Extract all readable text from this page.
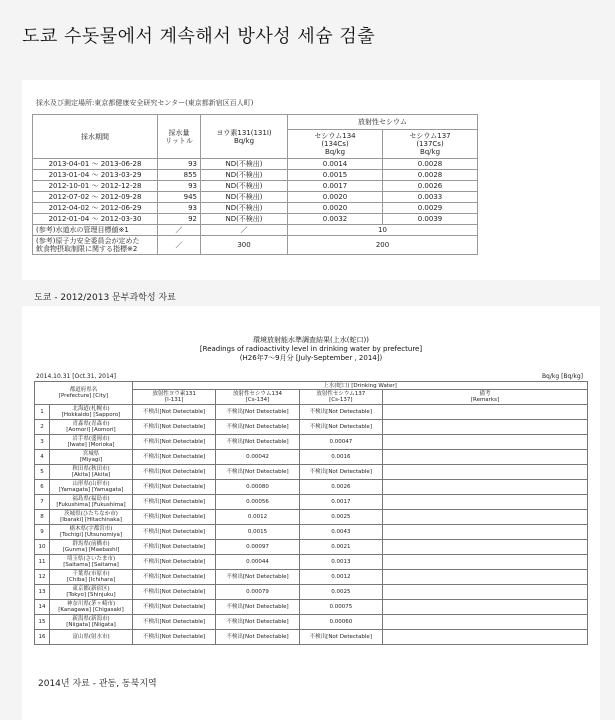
도쿄 수돗물에서 계속해서 방사성 세슘 검출
採水及び測定場所:東京都健康安全研究センター(東京都新宿区百人町)
採水期間	採水量
リットル	ヨウ素131(131I)
Bq/kg	放射性セシウム	
			セシウム134
(134Cs)
Bq/kg	セシウム137
(137Cs)
Bq/kg
2013-04-01 ～ 2013-06-28	93	ND(不検出)	0.0014	0.0028
2013-01-04 ～ 2013-03-29	855	ND(不検出)	0.0015	0.0028
2012-10-01 ～ 2012-12-28	93	ND(不検出)	0.0017	0.0026
2012-07-02 ～ 2012-09-28	945	ND(不検出)	0.0020	0.0033
2012-04-02 ～ 2012-06-29	93	ND(不検出)	0.0020	0.0029
2012-01-04 ～ 2012-03-30	92	ND(不検出)	0.0032	0.0039
(参考)水道水の管理目標値※1	／	／	10	
(参考)原子力安全委員会が定めた
飲食物摂取制限に関する指標※2	／	300	200	
도쿄 - 2012/2013 문부과학성 자료
環境放射能水準調査結果(上水(蛇口))
[Readings of radioactivity level in drinking water by prefecture]
(H26年7～9月分 [July-September , 2014])
2014.10.31 [Oct.31, 2014]	Bq/kg [Bq/kg]
都道府県名
[Prefecture] [City]		上水(蛇口) [Drinking Water]			
		放射性ヨウ素131
[I-131]	放射性セシウム134
[Cs-134]	放射性セシウム137
[Cs-137]	備考
[Remarks]
1	北海道(札幌市)
[Hokkaido] [Sapporo]	不検出[Not Detectable]	不検出[Not Detectable]	不検出[Not Detectable]	
2	青森県(青森市)
[Aomori] [Aomori]	不検出[Not Detectable]	不検出[Not Detectable]	不検出[Not Detectable]	
3	岩手県(盛岡市)
[Iwate] [Morioka]	不検出[Not Detectable]	不検出[Not Detectable]	0.00047	
4	宮城県
[Miyagi]	不検出[Not Detectable]	0.00042	0.0016	
5	秋田県(秋田市)
[Akita] [Akita]	不検出[Not Detectable]	不検出[Not Detectable]	不検出[Not Detectable]	
6	山形県(山形市)
[Yamagata] [Yamagata]	不検出[Not Detectable]	0.00080	0.0026	
7	福島県(福島市)
[Fukushima] [Fukushima]	不検出[Not Detectable]	0.00056	0.0017	
8	茨城県(ひたちなか市)
[Ibaraki] [Hitachinaka]	不検出[Not Detectable]	0.0012	0.0025	
9	栃木県(宇都宮市)
[Tochigi] [Utsunomiya]	不検出[Not Detectable]	0.0015	0.0043	
10	群馬県(前橋市)
[Gunma] [Maebashi]	不検出[Not Detectable]	0.00097	0.0021	
11	埼玉県(さいたま市)
[Saitama] [Saitama]	不検出[Not Detectable]	0.00044	0.0013	
12	千葉県(市原市)
[Chiba] [Ichihara]	不検出[Not Detectable]	不検出[Not Detectable]	0.0012	
13	東京都(新宿区)
[Tokyo] [Shinjuku]	不検出[Not Detectable]	0.00079	0.0025	
14	神奈川県(茅ヶ崎市)
[Kanagawa] [Chigasaki]	不検出[Not Detectable]	不検出[Not Detectable]	0.00075	
15	新潟県(新潟市)
[Niigata] [Niigata]	不検出[Not Detectable]	不検出[Not Detectable]	0.00060	
16	富山県(射水市)	不検出[Not Detectable]	不検出[Not Detectable]	不検出[Not Detectable]	
2014년 자료 - 관동, 동북지역
